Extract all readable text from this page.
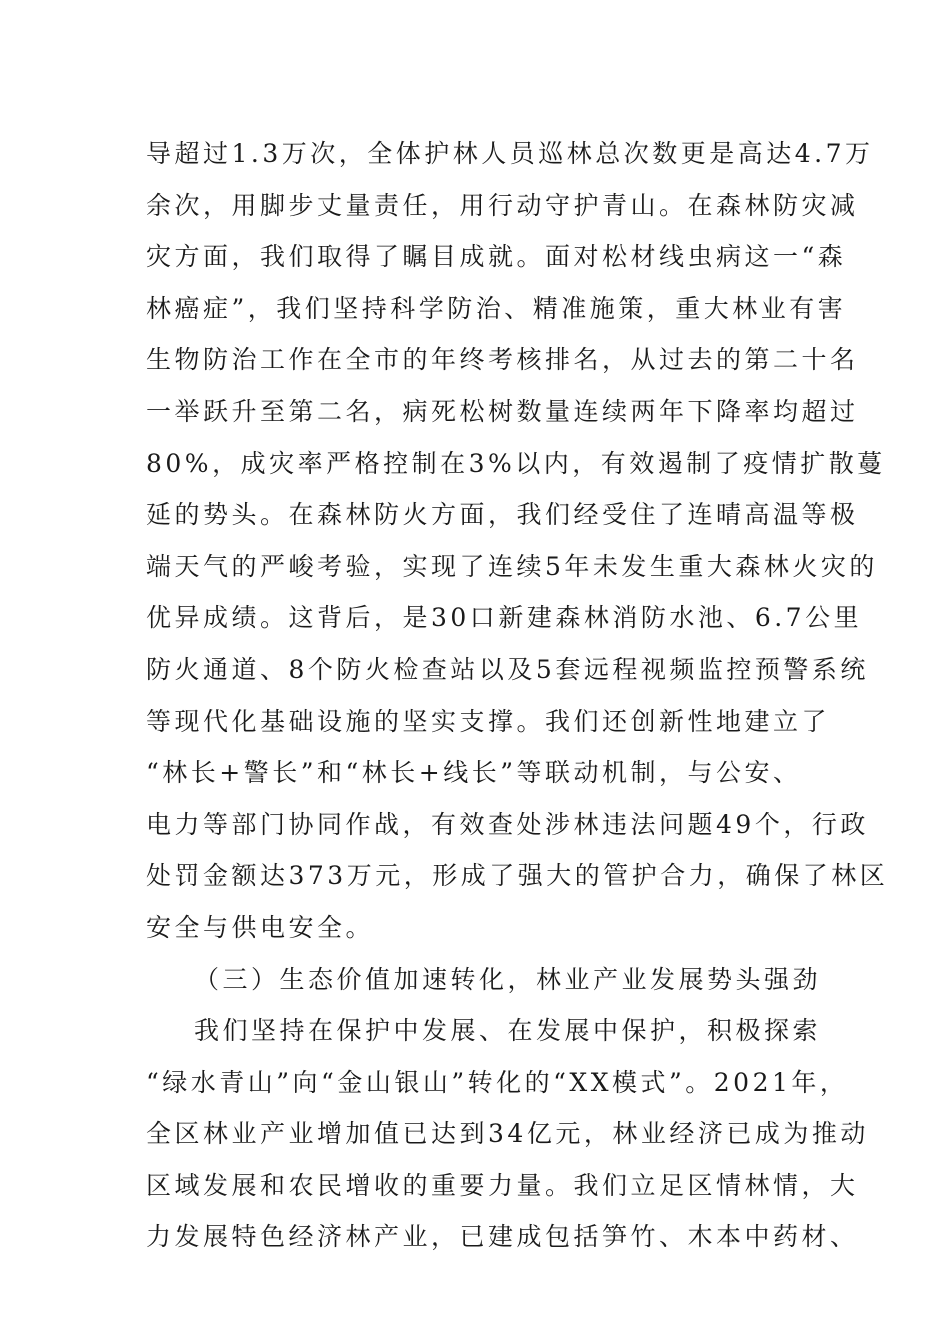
导超过1.3万次，全体护林人员巡林总次数更是高达4.7万
余次，用脚步丈量责任，用行动守护青山。在森林防灾减
灾方面，我们取得了瞩目成就。面对松材线虫病这一“森
林癌症”，我们坚持科学防治、精准施策，重大林业有害
生物防治工作在全市的年终考核排名，从过去的第二十名
一举跃升至第二名，病死松树数量连续两年下降率均超过
80%，成灾率严格控制在3%以内，有效遏制了疫情扩散蔓
延的势头。在森林防火方面，我们经受住了连晴高温等极
端天气的严峻考验，实现了连续5年未发生重大森林火灾的
优异成绩。这背后，是30口新建森林消防水池、6.7公里
防火通道、8个防火检查站以及5套远程视频监控预警系统
等现代化基础设施的坚实支撑。我们还创新性地建立了
“林长+警长”和“林长+线长”等联动机制，与公安、
电力等部门协同作战，有效查处涉林违法问题49个，行政
处罚金额达373万元，形成了强大的管护合力，确保了林区
安全与供电安全。
（三）生态价值加速转化，林业产业发展势头强劲
我们坚持在保护中发展、在发展中保护，积极探索
“绿水青山”向“金山银山”转化的“XX模式”。2021年，
全区林业产业增加值已达到34亿元，林业经济已成为推动
区域发展和农民增收的重要力量。我们立足区情林情，大
力发展特色经济林产业，已建成包括笋竹、木本中药材、
